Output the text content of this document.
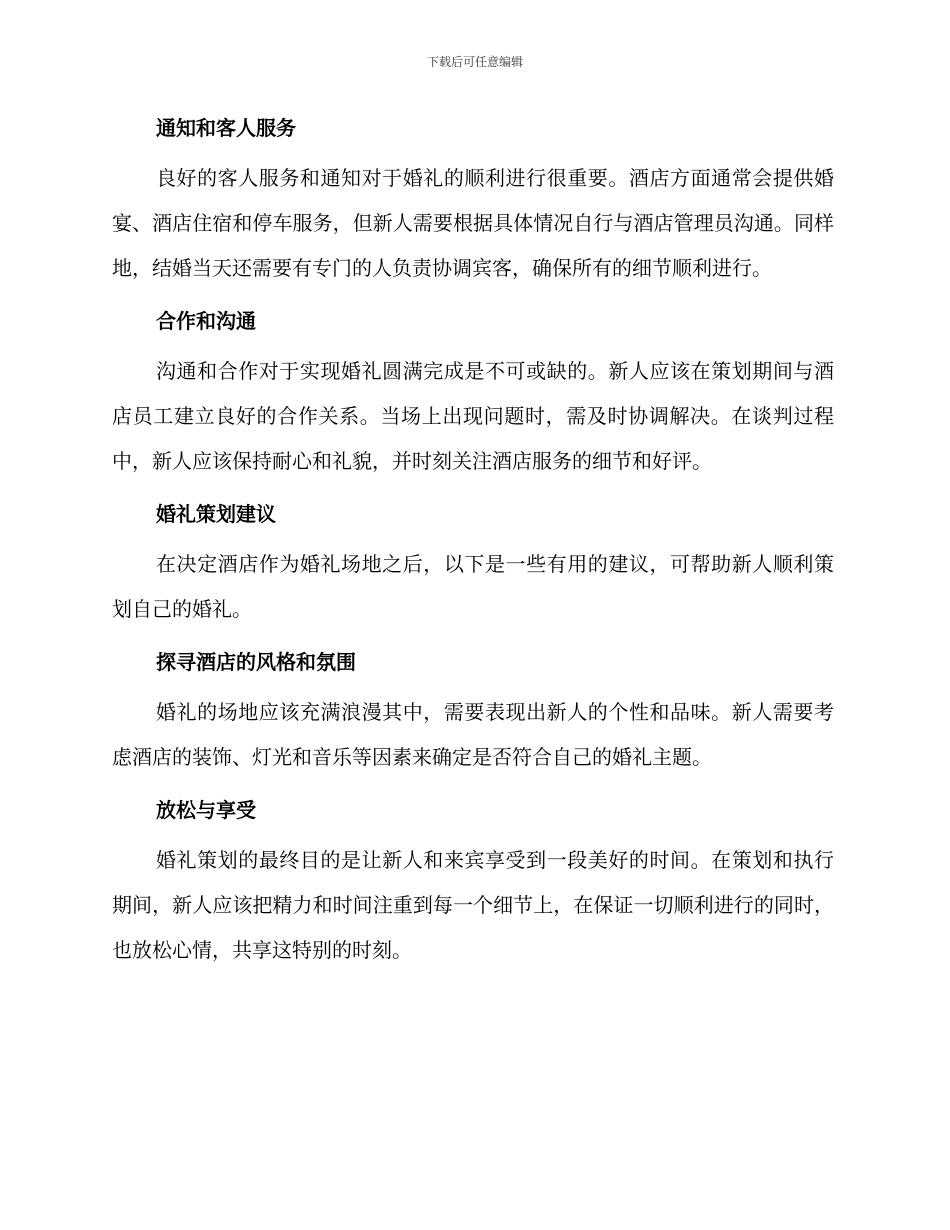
下载后可任意编辑
通知和客人服务

良好的客人服务和通知对于婚礼的顺利进行很重要。酒店方面通常会提供婚宴、酒店住宿和停车服务，但新人需要根据具体情况自行与酒店管理员沟通。同样地，结婚当天还需要有专门的人负责协调宾客，确保所有的细节顺利进行。

合作和沟通

沟通和合作对于实现婚礼圆满完成是不可或缺的。新人应该在策划期间与酒店员工建立良好的合作关系。当场上出现问题时，需及时协调解决。在谈判过程中，新人应该保持耐心和礼貌，并时刻关注酒店服务的细节和好评。

婚礼策划建议

在决定酒店作为婚礼场地之后，以下是一些有用的建议，可帮助新人顺利策划自己的婚礼。

探寻酒店的风格和氛围

婚礼的场地应该充满浪漫其中，需要表现出新人的个性和品味。新人需要考虑酒店的装饰、灯光和音乐等因素来确定是否符合自己的婚礼主题。

放松与享受

婚礼策划的最终目的是让新人和来宾享受到一段美好的时间。在策划和执行期间，新人应该把精力和时间注重到每一个细节上，在保证一切顺利进行的同时，也放松心情，共享这特别的时刻。
